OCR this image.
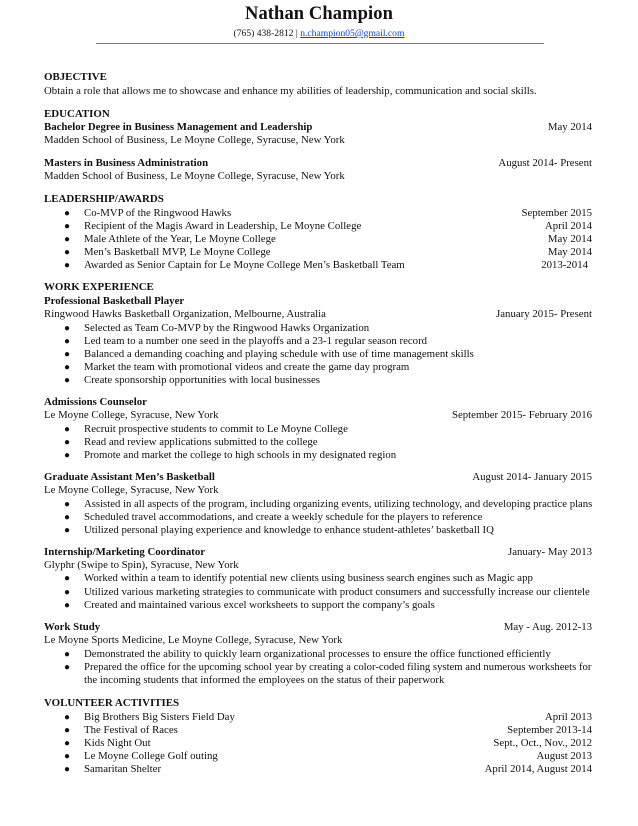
Nathan Champion
(765) 438-2812 | n.champion05@gmail.com
OBJECTIVE
Obtain a role that allows me to showcase and enhance my abilities of leadership, communication and social skills.
EDUCATION
Bachelor Degree in Business Management and Leadership	May 2014
Madden School of Business, Le Moyne College, Syracuse, New York
Masters in Business Administration	August 2014- Present
Madden School of Business, Le Moyne College, Syracuse, New York
LEADERSHIP/AWARDS
● Co-MVP of the Ringwood Hawks	September 2015
● Recipient of the Magis Award in Leadership, Le Moyne College	April 2014
● Male Athlete of the Year, Le Moyne College	May 2014
● Men’s Basketball MVP, Le Moyne College	May 2014
● Awarded as Senior Captain for Le Moyne College Men’s Basketball Team	2013-2014
WORK EXPERIENCE
Professional Basketball Player
Ringwood Hawks Basketball Organization, Melbourne, Australia	January 2015- Present
● Selected as Team Co-MVP by the Ringwood Hawks Organization
● Led team to a number one seed in the playoffs and a 23-1 regular season record
● Balanced a demanding coaching and playing schedule with use of time management skills
● Market the team with promotional videos and create the game day program
● Create sponsorship opportunities with local businesses
Admissions Counselor
Le Moyne College, Syracuse, New York	September 2015- February 2016
● Recruit prospective students to commit to Le Moyne College
● Read and review applications submitted to the college
● Promote and market the college to high schools in my designated region
Graduate Assistant Men’s Basketball	August 2014- January 2015
Le Moyne College, Syracuse, New York
● Assisted in all aspects of the program, including organizing events, utilizing technology, and developing practice plans
● Scheduled travel accommodations, and create a weekly schedule for the players to reference
● Utilized personal playing experience and knowledge to enhance student-athletes’ basketball IQ
Internship/Marketing Coordinator	January- May 2013
Glyphr (Swipe to Spin), Syracuse, New York
● Worked within a team to identify potential new clients using business search engines such as Magic app
● Utilized various marketing strategies to communicate with product consumers and successfully increase our clientele
● Created and maintained various excel worksheets to support the company’s goals
Work Study	May - Aug. 2012-13
Le Moyne Sports Medicine, Le Moyne College, Syracuse, New York
● Demonstrated the ability to quickly learn organizational processes to ensure the office functioned efficiently
● Prepared the office for the upcoming school year by creating a color-coded filing system and numerous worksheets for
the incoming students that informed the employees on the status of their paperwork
VOLUNTEER ACTIVITIES
● Big Brothers Big Sisters Field Day	April 2013
● The Festival of Races	September 2013-14
● Kids Night Out	Sept., Oct., Nov., 2012
● Le Moyne College Golf outing	August 2013
● Samaritan Shelter	April 2014, August 2014
